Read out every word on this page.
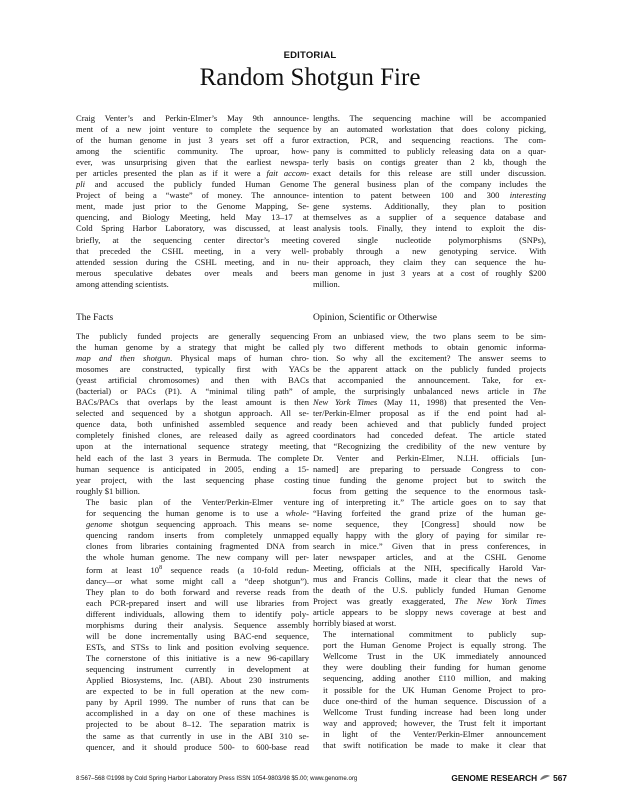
EDITORIAL
Random Shotgun Fire

Craig Venter’s and Perkin-Elmer’s May 9th announce-
ment of a new joint venture to complete the sequence
of the human genome in just 3 years set off a furor
among the scientific community. The uproar, how-
ever, was unsurprising given that the earliest newspa-
per articles presented the plan as if it were a fait accom-
pli and accused the publicly funded Human Genome
Project of being a “waste” of money. The announce-
ment, made just prior to the Genome Mapping, Se-
quencing, and Biology Meeting, held May 13–17 at
Cold Spring Harbor Laboratory, was discussed, at least
briefly, at the sequencing center director’s meeting
that preceded the CSHL meeting, in a very well-
attended session during the CSHL meeting, and in nu-
merous speculative debates over meals and beers
among attending scientists.

lengths. The sequencing machine will be accompanied
by an automated workstation that does colony picking,
extraction, PCR, and sequencing reactions. The com-
pany is committed to publicly releasing data on a quar-
terly basis on contigs greater than 2 kb, though the
exact details for this release are still under discussion.
The general business plan of the company includes the
intention to patent between 100 and 300 interesting
gene systems. Additionally, they plan to position
themselves as a supplier of a sequence database and
analysis tools. Finally, they intend to exploit the dis-
covered single nucleotide polymorphisms (SNPs),
probably through a new genotyping service. With
their approach, they claim they can sequence the hu-
man genome in just 3 years at a cost of roughly $200
million.

The Facts	Opinion, Scientific or Otherwise

The publicly funded projects are generally sequencing
the human genome by a strategy that might be called
map and then shotgun. Physical maps of human chro-
mosomes are constructed, typically first with YACs
(yeast artificial chromosomes) and then with BACs
(bacterial) or PACs (P1). A “minimal tiling path” of
BACs/PACs that overlaps by the least amount is then
selected and sequenced by a shotgun approach. All se-
quence data, both unfinished assembled sequence and
completely finished clones, are released daily as agreed
upon at the international sequence strategy meeting,
held each of the last 3 years in Bermuda. The complete
human sequence is anticipated in 2005, ending a 15-
year project, with the last sequencing phase costing
roughly $1 billion.

The basic plan of the Venter/Perkin-Elmer venture
for sequencing the human genome is to use a whole-
genome shotgun sequencing approach. This means se-
quencing random inserts from completely unmapped
clones from libraries containing fragmented DNA from
the whole human genome. The new company will per-
form at least $10^8$ sequence reads (a 10-fold redun-
dancy—or what some might call a “deep shotgun”).
They plan to do both forward and reverse reads from
each PCR-prepared insert and will use libraries from
different individuals, allowing them to identify poly-
morphisms during their analysis. Sequence assembly
will be done incrementally using BAC-end sequence,
ESTs, and STSs to link and position evolving sequence.
The cornerstone of this initiative is a new 96-capillary
sequencing instrument currently in development at
Applied Biosystems, Inc. (ABI). About 230 instruments
are expected to be in full operation at the new com-
pany by April 1999. The number of runs that can be
accomplished in a day on one of these machines is
projected to be about 8–12. The separation matrix is
the same as that currently in use in the ABI 310 se-
quencer, and it should produce 500- to 600-base read

From an unbiased view, the two plans seem to be sim-
ply two different methods to obtain genomic informa-
tion. So why all the excitement? The answer seems to
be the apparent attack on the publicly funded projects
that accompanied the announcement. Take, for ex-
ample, the surprisingly unbalanced news article in The
New York Times (May 11, 1998) that presented the Ven-
ter/Perkin-Elmer proposal as if the end point had al-
ready been achieved and that publicly funded project
coordinators had conceded defeat. The article stated
that “Recognizing the credibility of the new venture by
Dr. Venter and Perkin-Elmer, N.I.H. officials [un-
named] are preparing to persuade Congress to con-
tinue funding the genome project but to switch the
focus from getting the sequence to the enormous task-
ing of interpreting it.” The article goes on to say that
“Having forfeited the grand prize of the human ge-
nome sequence, they [Congress] should now be
equally happy with the glory of paying for similar re-
search in mice.” Given that in press conferences, in
later newspaper articles, and at the CSHL Genome
Meeting, officials at the NIH, specifically Harold Var-
mus and Francis Collins, made it clear that the news of
the death of the U.S. publicly funded Human Genome
Project was greatly exaggerated, The New York Times
article appears to be sloppy news coverage at best and
horribly biased at worst.

The international commitment to publicly sup-
port the Human Genome Project is equally strong. The
Wellcome Trust in the UK immediately announced
they were doubling their funding for human genome
sequencing, adding another £110 million, and making
it possible for the UK Human Genome Project to pro-
duce one-third of the human sequence. Discussion of a
Wellcome Trust funding increase had been long under
way and approved; however, the Trust felt it important
in light of the Venter/Perkin-Elmer announcement
that swift notification be made to make it clear that

8:567–568 ©1998 by Cold Spring Harbor Laboratory Press ISSN 1054-9803/98 $5.00; www.genome.org	GENOME RESEARCH 567
